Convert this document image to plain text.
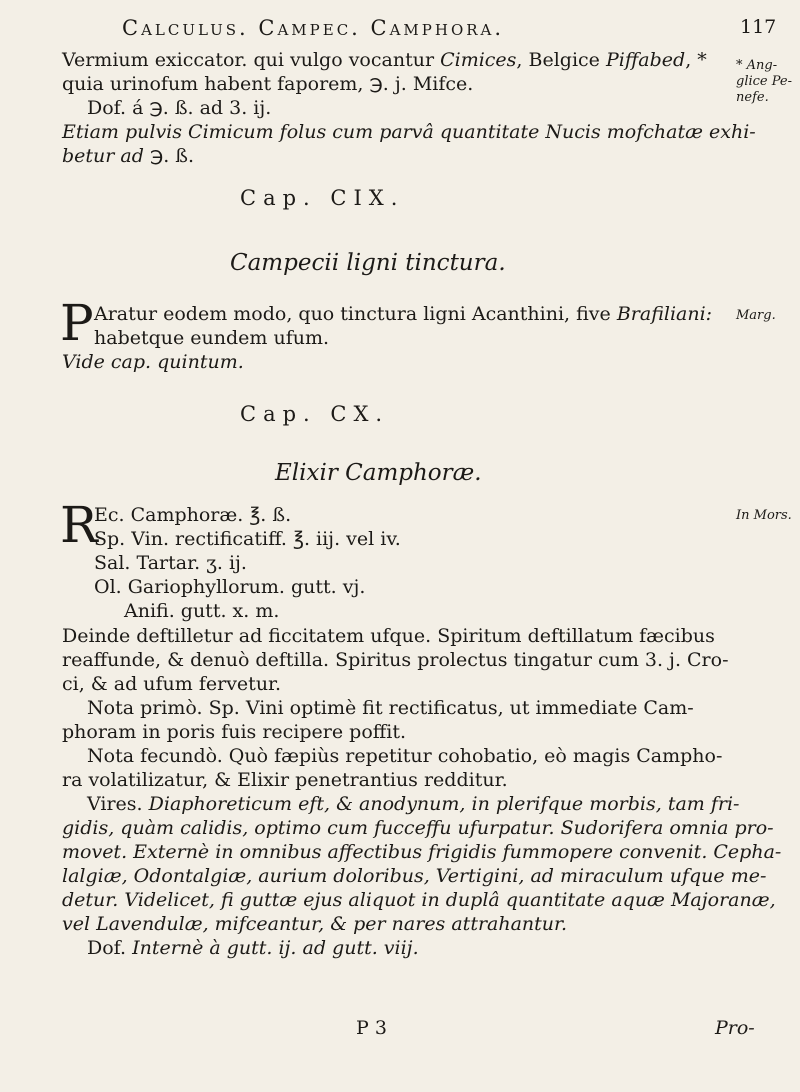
Calculus. Campec. Camphora.	117
Vermium exiccator. qui vulgo vocantur Cimices, Belgice Piffabed, *
quia urinofum habent faporem, ℈. j. Mifce.
Dof. á ℈. ß. ad 3. ij.
Etiam pulvis Cimicum folus cum parvâ quantitate Nucis mofchatæ exhi-
betur ad ℈. ß.
* Ang-
glice Pe-
nefe.
Cap. CIX.
Campecii ligni tinctura.
P Aratur eodem modo, quo tinctura ligni Acanthini, five Brafiliani:
habetque eundem ufum.
Vide cap. quintum.
Marg.
Cap. CX.
Elixir Camphoræ.
R
Ec. Camphoræ. ℥. ß.
Sp. Vin. rectificatiff. ℥. iij. vel iv.
Sal. Tartar. ʒ. ij.
Ol. Gariophyllorum. gutt. vj.
Anifi. gutt. x. m.
In Mors.
Deinde deftilletur ad ficcitatem ufque. Spiritum deftillatum fæcibus
reaffunde, & denuò deftilla. Spiritus prolectus tingatur cum 3. j. Cro-
ci, & ad ufum fervetur.
Nota primò. Sp. Vini optimè fit rectificatus, ut immediate Cam-
phoram in poris fuis recipere poffit.
Nota fecundò. Quò fæpiùs repetitur cohobatio, eò magis Campho-
ra volatilizatur, & Elixir penetrantius redditur.
Vires. Diaphoreticum eft, & anodynum, in plerifque morbis, tam fri-
gidis, quàm calidis, optimo cum fucceffu ufurpatur. Sudorifera omnia pro-
movet. Externè in omnibus affectibus frigidis fummopere convenit. Cepha-
lalgiæ, Odontalgiæ, aurium doloribus, Vertigini, ad miraculum ufque me-
detur. Videlicet, fi guttæ ejus aliquot in duplâ quantitate aquæ Majoranæ,
vel Lavendulæ, mifceantur, & per nares attrahantur.
Dof. Internè à gutt. ij. ad gutt. viij.
P 3	Pro-
